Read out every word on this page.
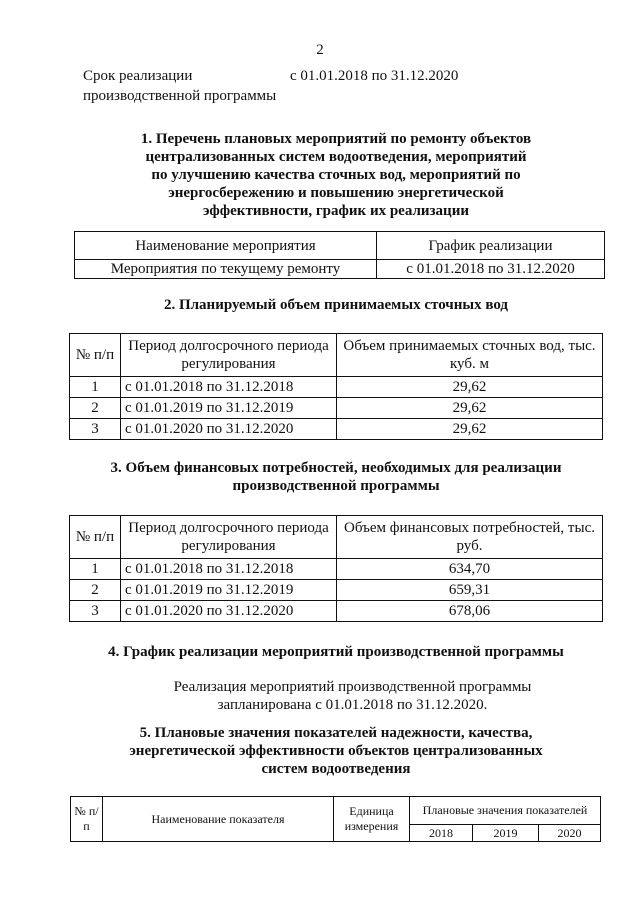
2
Срок реализации
производственной программы
с 01.01.2018 по 31.12.2020
1. Перечень плановых мероприятий по ремонту объектов
централизованных систем водоотведения, мероприятий
по улучшению качества сточных вод, мероприятий по
энергосбережению и повышению энергетической
эффективности, график их реализации
Наименование мероприятия	График реализации
Мероприятия по текущему ремонту	с 01.01.2018 по 31.12.2020
2. Планируемый объем принимаемых сточных вод
№ п/п	Период долгосрочного периода регулирования	Объем принимаемых сточных вод, тыс. куб. м
1	с 01.01.2018 по 31.12.2018	29,62
2	с 01.01.2019 по 31.12.2019	29,62
3	с 01.01.2020 по 31.12.2020	29,62
3. Объем финансовых потребностей, необходимых для реализации
производственной программы
№ п/п	Период долгосрочного периода регулирования	Объем финансовых потребностей, тыс. руб.
1	с 01.01.2018 по 31.12.2018	634,70
2	с 01.01.2019 по 31.12.2019	659,31
3	с 01.01.2020 по 31.12.2020	678,06
4. График реализации мероприятий производственной программы
Реализация мероприятий производственной программы
запланирована с 01.01.2018 по 31.12.2020.
5. Плановые значения показателей надежности, качества,
энергетической эффективности объектов централизованных
систем водоотведения
№ п/п	Наименование показателя	Единица измерения	Плановые значения показателей		
			2018	2019	2020
